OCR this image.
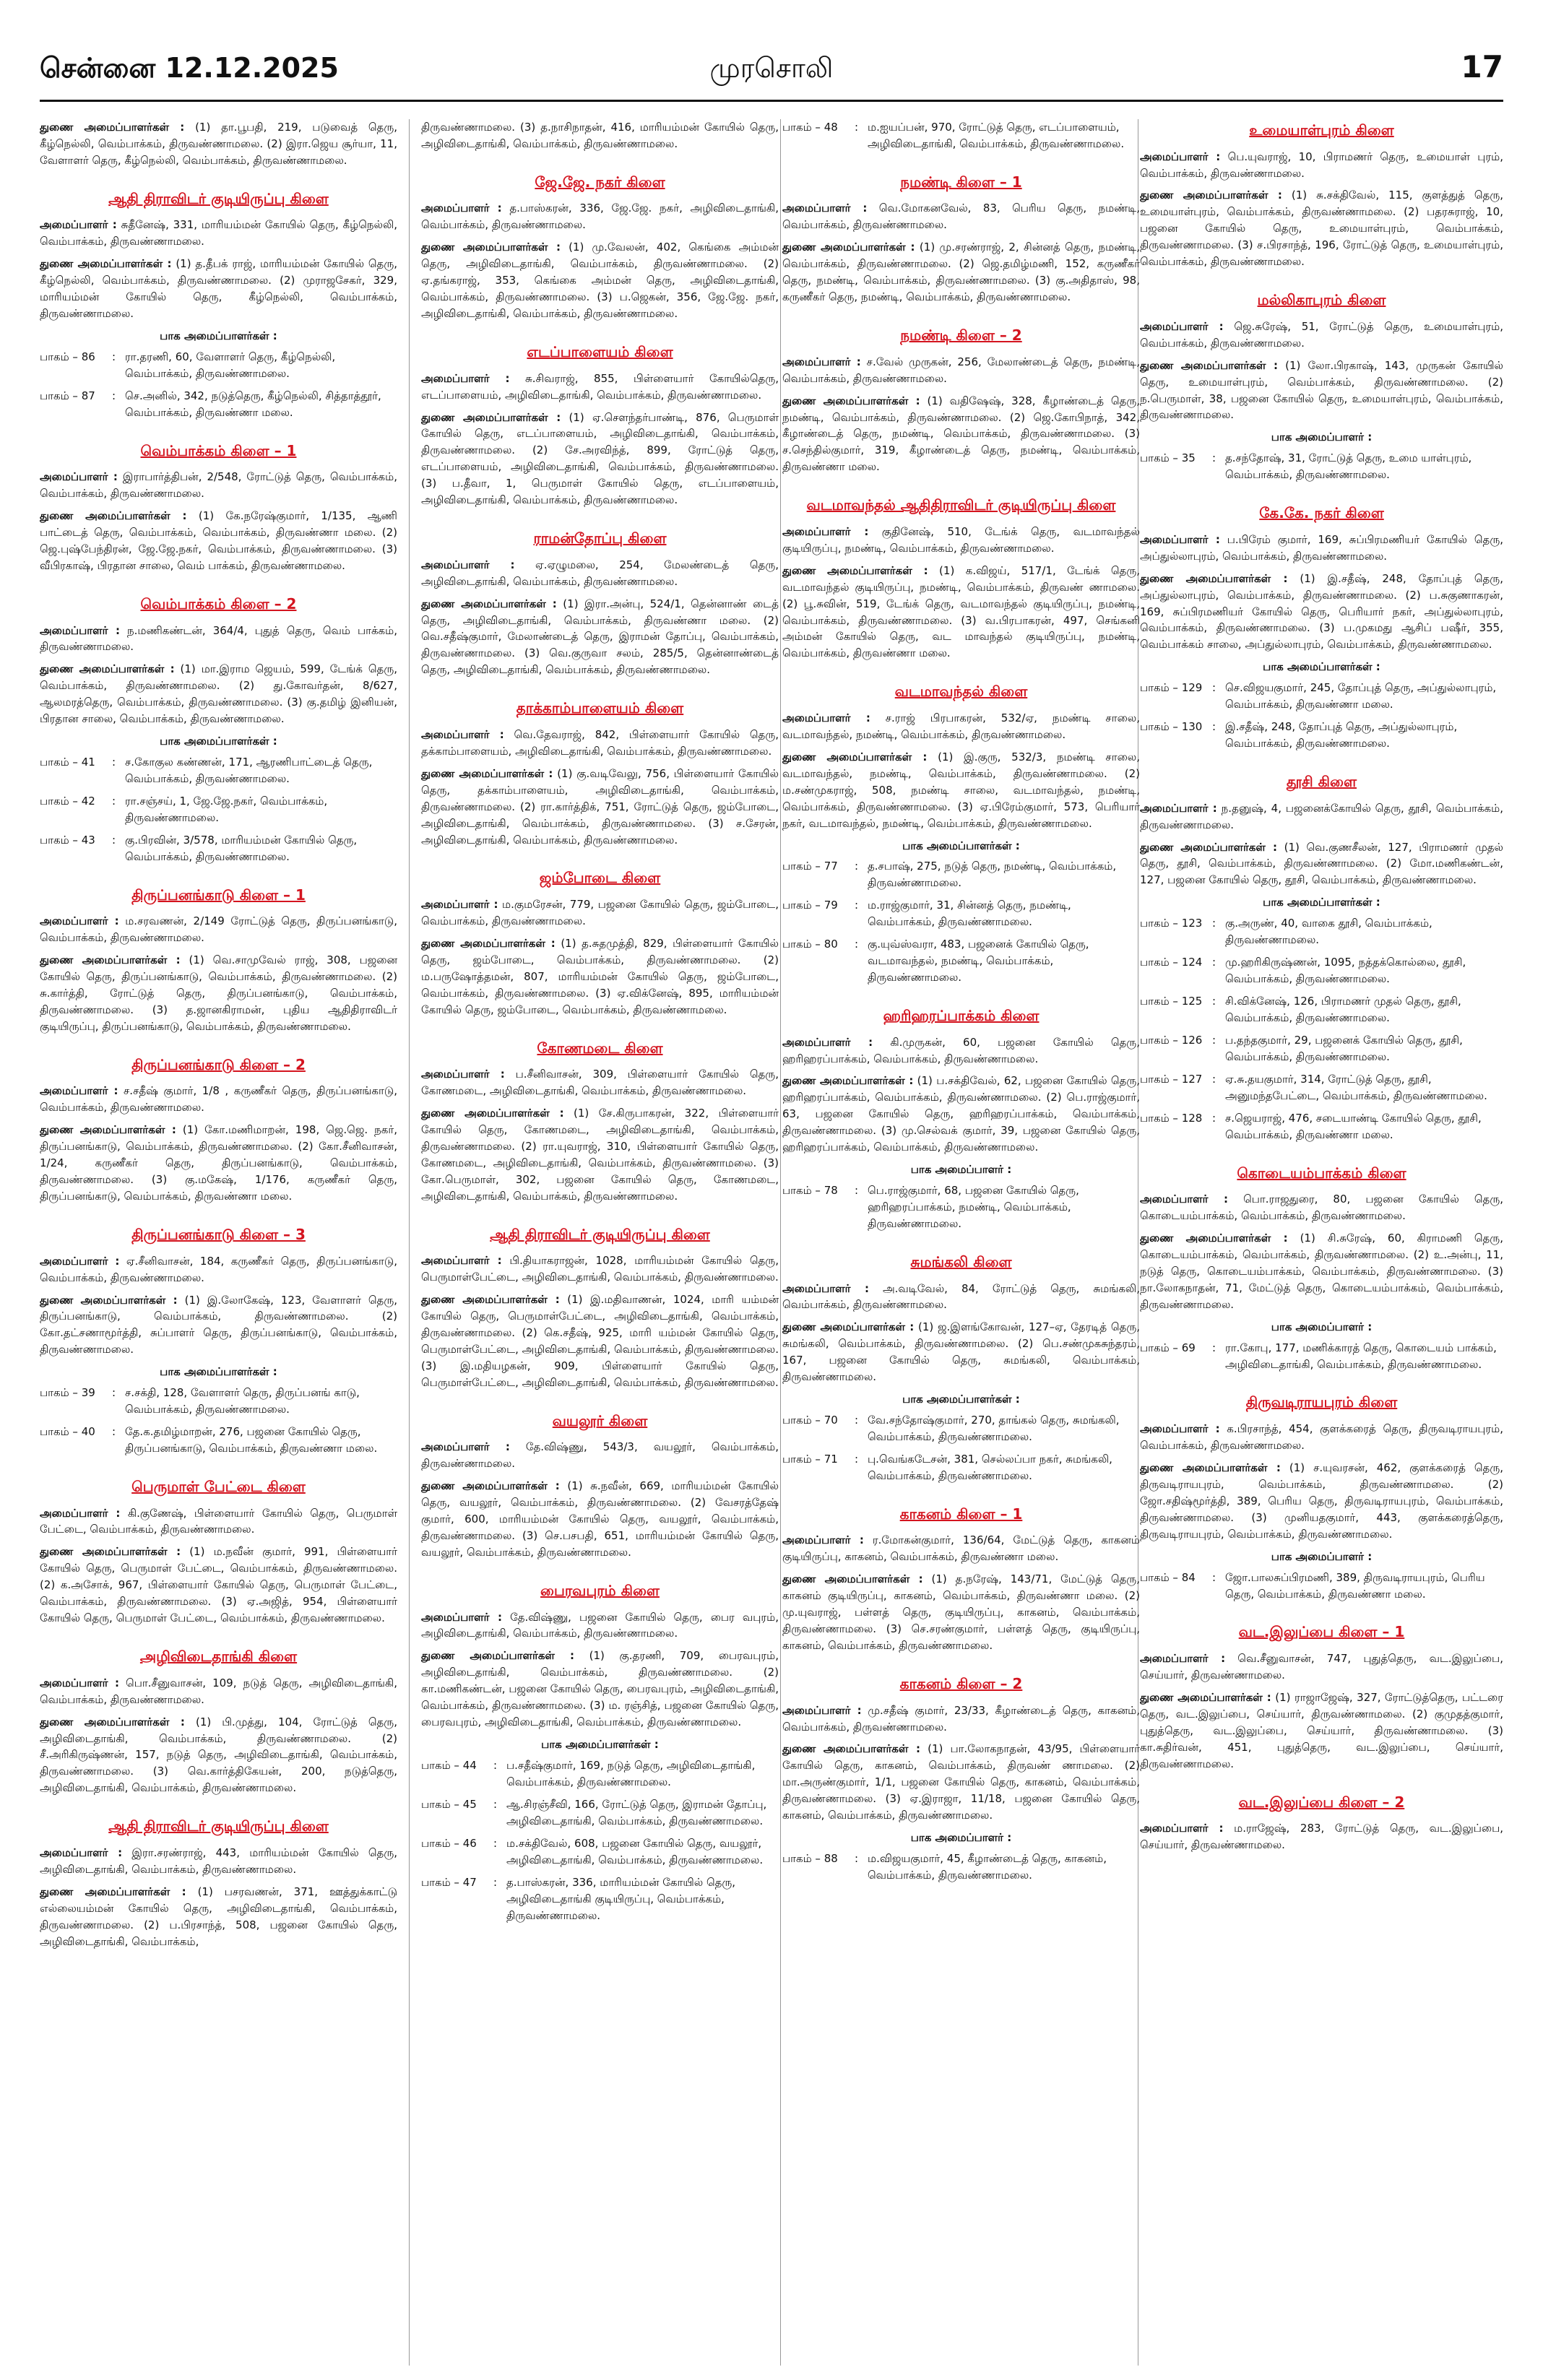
சென்னை 12.12.2025	முரசொலி	17

துணை அமைப்பாளர்கள் : (1) தா.பூபதி, 219, படுவைத் தெரு, கீழ்நெல்லி, வெம்பாக்கம், திருவண்ணாமலை. (2) இரா.ஜெய சூர்யா, 11, வேளாளர் தெரு, கீழ்நெல்லி, வெம்பாக்கம், திருவண்ணாமலை.

ஆதி திராவிடர் குடியிருப்பு கிளை

அமைப்பாளர் : சுதீனேஷ், 331, மாரியம்மன் கோயில் தெரு, கீழ்நெல்லி, வெம்பாக்கம், திருவண்ணாமலை.

துணை அமைப்பாளர்கள் : (1) த.தீபக் ராஜ், மாரியம்மன் கோயில் தெரு, கீழ்நெல்லி, வெம்பாக்கம், திருவண்ணாமலை. (2) முராஜசேகர், 329, மாரியம்மன் கோயில் தெரு, கீழ்நெல்லி, வெம்பாக்கம், திருவண்ணாமலை.

பாக அமைப்பாளர்கள் :
பாகம் – 86	: ரா.தரணி, 60, வேளாளர் தெரு, கீழ்நெல்லி, வெம்பாக்கம், திருவண்ணாமலை.
பாகம் – 87	: செ.அனில், 342, நடுத்தெரு, கீழ்நெல்லி, சித்தாத்தூர், வெம்பாக்கம், திருவண்ணா மலை.
வெம்பாக்கம் கிளை – 1

அமைப்பாளர் : இராபார்த்திபன், 2/548, ரோட்டுத் தெரு, வெம்பாக்கம், வெம்பாக்கம், திருவண்ணாமலை.

துணை அமைப்பாளர்கள் : (1) கே.நரேஷ்குமார், 1/135, ஆணி பாட்டைத் தெரு, வெம்பாக்கம், வெம்பாக்கம், திருவண்ணா மலை. (2) ஜெ.புஷ்பேந்திரன், ஜே.ஜே.நகர், வெம்பாக்கம், திருவண்ணாமலை. (3) வீபிரகாஷ், பிரதான சாலை, வெம் பாக்கம், திருவண்ணாமலை.

வெம்பாக்கம் கிளை – 2

அமைப்பாளர் : ந.மணிகண்டன், 364/4, புதுத் தெரு, வெம் பாக்கம், திருவண்ணாமலை.

துணை அமைப்பாளர்கள் : (1) மா.இராம ஜெயம், 599, டேங்க் தெரு, வெம்பாக்கம், திருவண்ணாமலை. (2) து.கோவர்தன், 8/627, ஆலமரத்தெரு, வெம்பாக்கம், திருவண்ணாமலை. (3) கு.தமிழ் இனியன், பிரதான சாலை, வெம்பாக்கம், திருவண்ணாமலை.

பாக அமைப்பாளர்கள் :
பாகம் – 41	: ச.கோகுல கண்ணன், 171, ஆரணிபாட்டைத் தெரு, வெம்பாக்கம், திருவண்ணாமலை.
பாகம் – 42	: ரா.சஞ்சய், 1, ஜே.ஜே.நகர், வெம்பாக்கம், திருவண்ணாமலை.
பாகம் – 43	: கு.பிரவின், 3/578, மாரியம்மன் கோயில் தெரு, வெம்பாக்கம், திருவண்ணாமலை.
திருப்பனங்காடு கிளை – 1

அமைப்பாளர் : ம.சரவணன், 2/149 ரோட்டுத் தெரு, திருப்பனங்காடு, வெம்பாக்கம், திருவண்ணாமலை.

துணை அமைப்பாளர்கள் : (1) வெ.சாமுவேல் ராஜ், 308, பஜனை கோயில் தெரு, திருப்பனங்காடு, வெம்பாக்கம், திருவண்ணாமலை. (2) சு.கார்த்தி, ரோட்டுத் தெரு, திருப்பனங்காடு, வெம்பாக்கம், திருவண்ணாமலை. (3) த.ஜானகிராமன், புதிய ஆதிதிராவிடர் குடியிருப்பு, திருப்பனங்காடு, வெம்பாக்கம், திருவண்ணாமலை.

திருப்பனங்காடு கிளை – 2

அமைப்பாளர் : ச.சதீஷ் குமார், 1/8 , கருணீகர் தெரு, திருப்பனங்காடு, வெம்பாக்கம், திருவண்ணாமலை.

துணை அமைப்பாளர்கள் : (1) கோ.மணிமாறன், 198, ஜெ.ஜெ. நகர், திருப்பனங்காடு, வெம்பாக்கம், திருவண்ணாமலை. (2) கோ.சீனிவாசன், 1/24, கருணீகர் தெரு, திருப்பனங்காடு, வெம்பாக்கம், திருவண்ணாமலை. (3) கு.மகேஷ், 1/176, கருணீகர் தெரு, திருப்பனங்காடு, வெம்பாக்கம், திருவண்ணா மலை.

திருப்பனங்காடு கிளை – 3

அமைப்பாளர் : ஏ.சீனிவாசன், 184, கருணீகர் தெரு, திருப்பனங்காடு, வெம்பாக்கம், திருவண்ணாமலை.

துணை அமைப்பாளர்கள் : (1) இ.லோகேஷ், 123, வேளாளர் தெரு, திருப்பனங்காடு, வெம்பாக்கம், திருவண்ணாமலை. (2) கோ.தட்சணாமூர்த்தி, சுப்பாளர் தெரு, திருப்பனங்காடு, வெம்பாக்கம், திருவண்ணாமலை.

பாக அமைப்பாளர்கள் :
பாகம் – 39	: ச.சக்தி, 128, வேளாளர் தெரு, திருப்பனங் காடு, வெம்பாக்கம், திருவண்ணாமலை.
பாகம் – 40	: தே.க.தமிழ்மாறன், 276, பஜனை கோயில் தெரு, திருப்பனங்காடு, வெம்பாக்கம், திருவண்ணா மலை.
பெருமாள் பேட்டை கிளை

அமைப்பாளர் : கி.குணேஷ், பிள்ளையார் கோயில் தெரு, பெருமாள் பேட்டை, வெம்பாக்கம், திருவண்ணாமலை.

துணை அமைப்பாளர்கள் : (1) ம.நவீன் குமார், 991, பிள்ளையார் கோயில் தெரு, பெருமாள் பேட்டை, வெம்பாக்கம், திருவண்ணாமலை. (2) க.அசோக், 967, பிள்ளையார் கோயில் தெரு, பெருமாள் பேட்டை, வெம்பாக்கம், திருவண்ணாமலை. (3) ஏ.அஜித், 954, பிள்ளையார் கோயில் தெரு, பெருமாள் பேட்டை, வெம்பாக்கம், திருவண்ணாமலை.

அழிவிடைதாங்கி கிளை

அமைப்பாளர் : பொ.சீனுவாசன், 109, நடுத் தெரு, அழிவிடைதாங்கி, வெம்பாக்கம், திருவண்ணாமலை.

துணை அமைப்பாளர்கள் : (1) பி.முத்து, 104, ரோட்டுத் தெரு, அழிவிடைதாங்கி, வெம்பாக்கம், திருவண்ணாமலை. (2) சீ.அரிகிருஷ்ணன், 157, நடுத் தெரு, அழிவிடைதாங்கி, வெம்பாக்கம், திருவண்ணாமலை. (3) வெ.கார்த்திகேயன், 200, நடுத்தெரு, அழிவிடைதாங்கி, வெம்பாக்கம், திருவண்ணாமலை.

ஆதி திராவிடர் குடியிருப்பு கிளை

அமைப்பாளர் : இரா.சரண்ராஜ், 443, மாரியம்மன் கோயில் தெரு, அழிவிடைதாங்கி, வெம்பாக்கம், திருவண்ணாமலை.

துணை அமைப்பாளர்கள் : (1) பசரவணன், 371, ஊத்துக்காட்டு எல்லையம்மன் கோயில் தெரு, அழிவிடைதாங்கி, வெம்பாக்கம், திருவண்ணாமலை. (2) ப.பிரசாந்த், 508, பஜனை கோயில் தெரு, அழிவிடைதாங்கி, வெம்பாக்கம்,

திருவண்ணாமலை. (3) த.நாசிநாதன், 416, மாரியம்மன் கோயில் தெரு, அழிவிடைதாங்கி, வெம்பாக்கம், திருவண்ணாமலை.

ஜே.ஜே. நகர் கிளை

அமைப்பாளர் : த.பாஸ்கரன், 336, ஜே.ஜே. நகர், அழிவிடைதாங்கி, வெம்பாக்கம், திருவண்ணாமலை.

துணை அமைப்பாளர்கள் : (1) மு.வேலன், 402, கெங்கை அம்மன் தெரு, அழிவிடைதாங்கி, வெம்பாக்கம், திருவண்ணாமலை. (2) ஏ.தங்கராஜ், 353, கெங்கை அம்மன் தெரு, அழிவிடைதாங்கி, வெம்பாக்கம், திருவண்ணாமலை. (3) ப.ஜெகன், 356, ஜே.ஜே. நகர், அழிவிடைதாங்கி, வெம்பாக்கம், திருவண்ணாமலை.

எடப்பாளையம் கிளை

அமைப்பாளர் : சு.சிவராஜ், 855, பிள்ளையார் கோயில்தெரு, எடப்பாளையம், அழிவிடைதாங்கி, வெம்பாக்கம், திருவண்ணாமலை.

துணை அமைப்பாளர்கள் : (1) ஏ.சௌந்தர்பாண்டி, 876, பெருமாள் கோயில் தெரு, எடப்பாளையம், அழிவிடைதாங்கி, வெம்பாக்கம், திருவண்ணாமலை. (2) சே.அரவிந்த், 899, ரோட்டுத் தெரு, எடப்பாளையம், அழிவிடைதாங்கி, வெம்பாக்கம், திருவண்ணாமலை. (3) ப.தீவா, 1, பெருமாள் கோயில் தெரு, எடப்பாளையம், அழிவிடைதாங்கி, வெம்பாக்கம், திருவண்ணாமலை.

ராமன்தோப்பு கிளை

அமைப்பாளர் : ஏ.ஏழுமலை, 254, மேலண்டைத் தெரு, அழிவிடைதாங்கி, வெம்பாக்கம், திருவண்ணாமலை.

துணை அமைப்பாளர்கள் : (1) இரா.அன்பு, 524/1, தென்னாண் டைத் தெரு, அழிவிடைதாங்கி, வெம்பாக்கம், திருவண்ணா மலை. (2) வெ.சதீஷ்குமார், மேலாண்டைத் தெரு, இராமன் தோப்பு, வெம்பாக்கம், திருவண்ணாமலை. (3) வெ.குருவா சலம், 285/5, தென்னாண்டைத் தெரு, அழிவிடைதாங்கி, வெம்பாக்கம், திருவண்ணாமலை.

தாக்காம்பாளையம் கிளை

அமைப்பாளர் : வெ.தேவராஜ், 842, பிள்ளையார் கோயில் தெரு, தக்காம்பாளையம், அழிவிடைதாங்கி, வெம்பாக்கம், திருவண்ணாமலை.

துணை அமைப்பாளர்கள் : (1) கு.வடிவேலு, 756, பிள்ளையார் கோயில் தெரு, தக்காம்பாளையம், அழிவிடைதாங்கி, வெம்பாக்கம், திருவண்ணாமலை. (2) ரா.கார்த்திக், 751, ரோட்டுத் தெரு, ஜம்போடை, அழிவிடைதாங்கி, வெம்பாக்கம், திருவண்ணாமலை. (3) ச.சேரன், அழிவிடைதாங்கி, வெம்பாக்கம், திருவண்ணாமலை.

ஜம்போடை கிளை

அமைப்பாளர் : ம.குமரேசன், 779, பஜனை கோயில் தெரு, ஜம்போடை, வெம்பாக்கம், திருவண்ணாமலை.

துணை அமைப்பாளர்கள் : (1) த.சுதமுத்தி, 829, பிள்ளையார் கோயில் தெரு, ஜம்போடை, வெம்பாக்கம், திருவண்ணாமலை. (2) ம.பருஷோத்தமன், 807, மாரியம்மன் கோயில் தெரு, ஜம்போடை, வெம்பாக்கம், திருவண்ணாமலை. (3) ஏ.விக்னேஷ், 895, மாரியம்மன் கோயில் தெரு, ஜம்போடை, வெம்பாக்கம், திருவண்ணாமலை.

கோணமடை கிளை

அமைப்பாளர் : ப.சீனிவாசன், 309, பிள்ளையார் கோயில் தெரு, கோணமடை, அழிவிடைதாங்கி, வெம்பாக்கம், திருவண்ணாமலை.

துணை அமைப்பாளர்கள் : (1) சே.கிருபாகரன், 322, பிள்ளையார் கோயில் தெரு, கோணமடை, அழிவிடைதாங்கி, வெம்பாக்கம், திருவண்ணாமலை. (2) ரா.யுவராஜ், 310, பிள்ளையார் கோயில் தெரு, கோணமடை, அழிவிடைதாங்கி, வெம்பாக்கம், திருவண்ணாமலை. (3) கோ.பெருமாள், 302, பஜனை கோயில் தெரு, கோணமடை, அழிவிடைதாங்கி, வெம்பாக்கம், திருவண்ணாமலை.

ஆதி திராவிடர் குடியிருப்பு கிளை

அமைப்பாளர் : பி.தியாகராஜன், 1028, மாரியம்மன் கோயில் தெரு, பெருமாள்பேட்டை, அழிவிடைதாங்கி, வெம்பாக்கம், திருவண்ணாமலை.

துணை அமைப்பாளர்கள் : (1) இ.மதிவாணன், 1024, மாரி யம்மன் கோயில் தெரு, பெருமாள்பேட்டை, அழிவிடைதாங்கி, வெம்பாக்கம், திருவண்ணாமலை. (2) கெ.சதீஷ், 925, மாரி யம்மன் கோயில் தெரு, பெருமாள்பேட்டை, அழிவிடைதாங்கி, வெம்பாக்கம், திருவண்ணாமலை. (3) இ.மதியழகன், 909, பிள்ளையார் கோயில் தெரு, பெருமாள்பேட்டை, அழிவிடைதாங்கி, வெம்பாக்கம், திருவண்ணாமலை.

வயலூர் கிளை

அமைப்பாளர் : தே.விஷ்ணு, 543/3, வயலூர், வெம்பாக்கம், திருவண்ணாமலை.

துணை அமைப்பாளர்கள் : (1) சு.நவீன், 669, மாரியம்மன் கோயில் தெரு, வயலூர், வெம்பாக்கம், திருவண்ணாமலை. (2) வேசரத்தேஷ் குமார், 600, மாரியம்மன் கோயில் தெரு, வயலூர், வெம்பாக்கம், திருவண்ணாமலை. (3) செ.பசபதி, 651, மாரியம்மன் கோயில் தெரு, வயலூர், வெம்பாக்கம், திருவண்ணாமலை.

பைரவபுரம் கிளை

அமைப்பாளர் : தே.விஷ்ணு, பஜனை கோயில் தெரு, பைர வபுரம், அழிவிடைதாங்கி, வெம்பாக்கம், திருவண்ணாமலை.

துணை அமைப்பாளர்கள் : (1) கு.தரணி, 709, பைரவபுரம், அழிவிடைதாங்கி, வெம்பாக்கம், திருவண்ணாமலை. (2) கா.மணிகண்டன், பஜனை கோயில் தெரு, பைரவபுரம், அழிவிடைதாங்கி, வெம்பாக்கம், திருவண்ணாமலை. (3) ம. ரஞ்சித், பஜனை கோயில் தெரு, பைரவபுரம், அழிவிடைதாங்கி, வெம்பாக்கம், திருவண்ணாமலை.

பாக அமைப்பாளர்கள் :
பாகம் – 44	: ப.சதீஷ்குமார், 169, நடுத் தெரு, அழிவிடைதாங்கி, வெம்பாக்கம், திருவண்ணாமலை.
பாகம் – 45	: ஆ.சிரஞ்சீவி, 166, ரோட்டுத் தெரு, இராமன் தோப்பு, அழிவிடைதாங்கி, வெம்பாக்கம், திருவண்ணாமலை.
பாகம் – 46	: ம.சக்திவேல், 608, பஜனை கோயில் தெரு, வயலூர், அழிவிடைதாங்கி, வெம்பாக்கம், திருவண்ணாமலை.
பாகம் – 47	: த.பாஸ்கரன், 336, மாரியம்மன் கோயில் தெரு, அழிவிடைதாங்கி குடியிருப்பு, வெம்பாக்கம், திருவண்ணாமலை.
பாகம் – 48	: ம.ஐயப்பன், 970, ரோட்டுத் தெரு, எடப்பாளையம், அழிவிடைதாங்கி, வெம்பாக்கம், திருவண்ணாமலை.
நமண்டி கிளை – 1

அமைப்பாளர் : வெ.மோகனவேல், 83, பெரிய தெரு, நமண்டி, வெம்பாக்கம், திருவண்ணாமலை.

துணை அமைப்பாளர்கள் : (1) மு.சரண்ராஜ், 2, சின்னத் தெரு, நமண்டி, வெம்பாக்கம், திருவண்ணாமலை. (2) ஜெ.தமிழ்மணி, 152, கருணீகர் தெரு, நமண்டி, வெம்பாக்கம், திருவண்ணாமலை. (3) கு.அதிதாஸ், 98, கருணீகர் தெரு, நமண்டி, வெம்பாக்கம், திருவண்ணாமலை.

நமண்டி கிளை – 2

அமைப்பாளர் : ச.வேல் முருகன், 256, மேலாண்டைத் தெரு, நமண்டி, வெம்பாக்கம், திருவண்ணாமலை.

துணை அமைப்பாளர்கள் : (1) வதிஷேஷ், 328, கீழாண்டைத் தெரு, நமண்டி, வெம்பாக்கம், திருவண்ணாமலை. (2) ஜெ.கோபிநாத், 342, கீழாண்டைத் தெரு, நமண்டி, வெம்பாக்கம், திருவண்ணாமலை. (3) ச.செந்தில்குமார், 319, கீழாண்டைத் தெரு, நமண்டி, வெம்பாக்கம், திருவண்ணா மலை.

வடமாவந்தல் ஆதிதிராவிடர் குடியிருப்பு கிளை

அமைப்பாளர் : குதினேஷ், 510, டேங்க் தெரு, வடமாவந்தல் குடியிருப்பு, நமண்டி, வெம்பாக்கம், திருவண்ணாமலை.

துணை அமைப்பாளர்கள் : (1) க.விஜய், 517/1, டேங்க் தெரு, வடமாவந்தல் குடியிருப்பு, நமண்டி, வெம்பாக்கம், திருவண் ணாமலை. (2) பூ.சுவின், 519, டேங்க் தெரு, வடமாவந்தல் குடியிருப்பு, நமண்டி, வெம்பாக்கம், திருவண்ணாமலை. (3) வ.பிரபாகரன், 497, செங்கனி அம்மன் கோயில் தெரு, வட மாவந்தல் குடியிருப்பு, நமண்டி, வெம்பாக்கம், திருவண்ணா மலை.

வடமாவந்தல் கிளை

அமைப்பாளர் : ச.ராஜ் பிரபாகரன், 532/ஏ, நமண்டி சாலை, வடமாவந்தல், நமண்டி, வெம்பாக்கம், திருவண்ணாமலை.

துணை அமைப்பாளர்கள் : (1) இ.குரு, 532/3, நமண்டி சாலை, வடமாவந்தல், நமண்டி, வெம்பாக்கம், திருவண்ணாமலை. (2) ம.சண்முகராஜ், 508, நமண்டி சாலை, வடமாவந்தல், நமண்டி, வெம்பாக்கம், திருவண்ணாமலை. (3) ஏ.பிரேம்குமார், 573, பெரியார் நகர், வடமாவந்தல், நமண்டி, வெம்பாக்கம், திருவண்ணாமலை.

பாக அமைப்பாளர்கள் :
பாகம் – 77	: த.சபாஷ், 275, நடுத் தெரு, நமண்டி, வெம்பாக்கம், திருவண்ணாமலை.
பாகம் – 79	: ம.ராஜ்குமார், 31, சின்னத் தெரு, நமண்டி, வெம்பாக்கம், திருவண்ணாமலை.
பாகம் – 80	: கு.யுவ்ஸ்வரா, 483, பஜனைக் கோயில் தெரு, வடமாவந்தல், நமண்டி, வெம்பாக்கம், திருவண்ணாமலை.
ஹரிஹரப்பாக்கம் கிளை

அமைப்பாளர் : கி.முருகன், 60, பஜனை கோயில் தெரு, ஹரிஹரப்பாக்கம், வெம்பாக்கம், திருவண்ணாமலை.

துணை அமைப்பாளர்கள் : (1) ப.சக்திவேல், 62, பஜனை கோயில் தெரு, ஹரிஹரப்பாக்கம், வெம்பாக்கம், திருவண்ணாமலை. (2) பெ.ராஜ்குமார், 63, பஜனை கோயில் தெரு, ஹரிஹரப்பாக்கம், வெம்பாக்கம், திருவண்ணாமலை. (3) மு.செல்வக் குமார், 39, பஜனை கோயில் தெரு, ஹரிஹரப்பாக்கம், வெம்பாக்கம், திருவண்ணாமலை.

பாக அமைப்பாளர் :
பாகம் – 78	: பெ.ராஜ்குமார், 68, பஜனை கோயில் தெரு, ஹரிஹரப்பாக்கம், நமண்டி, வெம்பாக்கம், திருவண்ணாமலை.
சுமங்கலி கிளை

அமைப்பாளர் : அ.வடிவேல், 84, ரோட்டுத் தெரு, சுமங்கலி, வெம்பாக்கம், திருவண்ணாமலை.

துணை அமைப்பாளர்கள் : (1) ஜ.இளங்கோவன், 127–ஏ, தேரடித் தெரு, சுமங்கலி, வெம்பாக்கம், திருவண்ணாமலை. (2) பெ.சண்முகசுந்தரம், 167, பஜனை கோயில் தெரு, சுமங்கலி, வெம்பாக்கம், திருவண்ணாமலை.

பாக அமைப்பாளர்கள் :
பாகம் – 70	: வே.சந்தோஷ்குமார், 270, தாங்கல் தெரு, சுமங்கலி, வெம்பாக்கம், திருவண்ணாமலை.
பாகம் – 71	: பு.வெங்கடேசன், 381, செல்லப்பா நகர், சுமங்கலி, வெம்பாக்கம், திருவண்ணாமலை.
காகனம் கிளை – 1

அமைப்பாளர் : ர.மோகன்குமார், 136/64, மேட்டுத் தெரு, காகனம் குடியிருப்பு, காகனம், வெம்பாக்கம், திருவண்ணா மலை.

துணை அமைப்பாளர்கள் : (1) த.நரேஷ், 143/71, மேட்டுத் தெரு, காகனம் குடியிருப்பு, காகனம், வெம்பாக்கம், திருவண்ணா மலை. (2) மு.யுவராஜ், பள்ளத் தெரு, குடியிருப்பு, காகனம், வெம்பாக்கம், திருவண்ணாமலை. (3) செ.சரண்குமார், பள்ளத் தெரு, குடியிருப்பு, காகனம், வெம்பாக்கம், திருவண்ணாமலை.

காகனம் கிளை – 2

அமைப்பாளர் : மு.சதீஷ் குமார், 23/33, கீழாண்டைத் தெரு, காகனம், வெம்பாக்கம், திருவண்ணாமலை.

துணை அமைப்பாளர்கள் : (1) பா.லோகநாதன், 43/95, பிள்ளையார் கோயில் தெரு, காகனம், வெம்பாக்கம், திருவண் ணாமலை. (2) மா.அருண்குமார், 1/1, பஜனை கோயில் தெரு, காகனம், வெம்பாக்கம், திருவண்ணாமலை. (3) ஏ.இராஜா, 11/18, பஜனை கோயில் தெரு, காகனம், வெம்பாக்கம், திருவண்ணாமலை.

பாக அமைப்பாளர் :
பாகம் – 88	: ம.விஜயகுமார், 45, கீழாண்டைத் தெரு, காகனம், வெம்பாக்கம், திருவண்ணாமலை.
உமையாள்புரம் கிளை

அமைப்பாளர் : பெ.யுவராஜ், 10, பிராமணர் தெரு, உமையாள் புரம், வெம்பாக்கம், திருவண்ணாமலை.

துணை அமைப்பாளர்கள் : (1) சு.சக்திவேல், 115, குளத்துத் தெரு, உமையாள்புரம், வெம்பாக்கம், திருவண்ணாமலை. (2) பதரசுராஜ், 10, பஜனை கோயில் தெரு, உமையாள்புரம், வெம்பாக்கம், திருவண்ணாமலை. (3) ச.பிரசாந்த், 196, ரோட்டுத் தெரு, உமையாள்புரம், வெம்பாக்கம், திருவண்ணாமலை.

மல்லிகாபுரம் கிளை

அமைப்பாளர் : ஜெ.சுரேஷ், 51, ரோட்டுத் தெரு, உமையாள்புரம், வெம்பாக்கம், திருவண்ணாமலை.

துணை அமைப்பாளர்கள் : (1) லோ.பிரகாஷ், 143, முருகன் கோயில் தெரு, உமையாள்புரம், வெம்பாக்கம், திருவண்ணாமலை. (2) ந.பெருமாள், 38, பஜனை கோயில் தெரு, உமையாள்புரம், வெம்பாக்கம், திருவண்ணாமலை.

பாக அமைப்பாளர் :
பாகம் – 35	: த.சந்தோஷ், 31, ரோட்டுத் தெரு, உமை யாள்புரம், வெம்பாக்கம், திருவண்ணாமலை.
கே.கே. நகர் கிளை

அமைப்பாளர் : ப.பிரேம் குமார், 169, சுப்பிரமணியர் கோயில் தெரு, அப்துல்லாபுரம், வெம்பாக்கம், திருவண்ணாமலை.

துணை அமைப்பாளர்கள் : (1) இ.சதீஷ், 248, தோப்புத் தெரு, அப்துல்லாபுரம், வெம்பாக்கம், திருவண்ணாமலை. (2) ப.சுகுணாகரன், 169, சுப்பிரமணியர் கோயில் தெரு, பெரியார் நகர், அப்துல்லாபுரம், வெம்பாக்கம், திருவண்ணாமலை. (3) ப.முகமது ஆசிப் பஷீர், 355, வெம்பாக்கம் சாலை, அப்துல்லாபுரம், வெம்பாக்கம், திருவண்ணாமலை.

பாக அமைப்பாளர்கள் :
பாகம் – 129 : செ.விஜயகுமார், 245, தோப்புத் தெரு, அப்துல்லாபுரம், வெம்பாக்கம், திருவண்ணா மலை.
பாகம் – 130 : இ.சதீஷ், 248, தோப்புத் தெரு, அப்துல்லாபுரம், வெம்பாக்கம், திருவண்ணாமலை.
தூசி கிளை

அமைப்பாளர் : ந.தனுஷ், 4, பஜனைக்கோயில் தெரு, தூசி, வெம்பாக்கம், திருவண்ணாமலை.

துணை அமைப்பாளர்கள் : (1) வெ.குணசீலன், 127, பிராமணர் முதல் தெரு, தூசி, வெம்பாக்கம், திருவண்ணாமலை. (2) மோ.மணிகண்டன், 127, பஜனை கோயில் தெரு, தூசி, வெம்பாக்கம், திருவண்ணாமலை.

பாக அமைப்பாளர்கள் :
பாகம் – 123 : கு.அருண், 40, வாகை தூசி, வெம்பாக்கம், திருவண்ணாமலை.
பாகம் – 124 : மு.ஹரிகிருஷ்ணன், 1095, நத்தக்கொல்லை, தூசி, வெம்பாக்கம், திருவண்ணாமலை.
பாகம் – 125 : சி.விக்னேஷ், 126, பிராமணர் முதல் தெரு, தூசி, வெம்பாக்கம், திருவண்ணாமலை.
பாகம் – 126 : ப.தந்தகுமார், 29, பஜனைக் கோயில் தெரு, தூசி, வெம்பாக்கம், திருவண்ணாமலை.
பாகம் – 127 : ஏ.சு.தயகுமார், 314, ரோட்டுத் தெரு, தூசி, அனுமந்தபேட்டை, வெம்பாக்கம், திருவண்ணாமலை.
பாகம் – 128 : ச.ஜெயராஜ், 476, சடையாண்டி கோயில் தெரு, தூசி, வெம்பாக்கம், திருவண்ணா மலை.
கொடையம்பாக்கம் கிளை

அமைப்பாளர் : பொ.ராஜதுரை, 80, பஜனை கோயில் தெரு, கொடையம்பாக்கம், வெம்பாக்கம், திருவண்ணாமலை.

துணை அமைப்பாளர்கள் : (1) சி.சுரேஷ், 60, கிராமணி தெரு, கொடையம்பாக்கம், வெம்பாக்கம், திருவண்ணாமலை. (2) உ.அன்பு, 11, நடுத் தெரு, கொடையம்பாக்கம், வெம்பாக்கம், திருவண்ணாமலை. (3) நா.லோகநாதன், 71, மேட்டுத் தெரு, கொடையம்பாக்கம், வெம்பாக்கம், திருவண்ணாமலை.

பாக அமைப்பாளர் :
பாகம் – 69	: ரா.கோபு, 177, மணிக்காரத் தெரு, கொடையம் பாக்கம், அழிவிடைதாங்கி, வெம்பாக்கம், திருவண்ணாமலை.
திருவடிராயபுரம் கிளை

அமைப்பாளர் : க.பிரசாந்த், 454, குளக்கரைத் தெரு, திருவடிராயபுரம், வெம்பாக்கம், திருவண்ணாமலை.

துணை அமைப்பாளர்கள் : (1) ச.யுவரசன், 462, குளக்கரைத் தெரு, திருவடிராயபுரம், வெம்பாக்கம், திருவண்ணாமலை. (2) ஜோ.சதிஷ்மூர்த்தி, 389, பெரிய தெரு, திருவடிராயபுரம், வெம்பாக்கம், திருவண்ணாமலை. (3) முனியதகுமார், 443, குளக்கரைத்தெரு, திருவடிராயபுரம், வெம்பாக்கம், திருவண்ணாமலை.

பாக அமைப்பாளர் :
பாகம் – 84	: ஜோ.பாலசுப்பிரமணி, 389, திருவடிராயபுரம், பெரிய தெரு, வெம்பாக்கம், திருவண்ணா மலை.
வட.இலுப்பை கிளை – 1

அமைப்பாளர் : வெ.சீனுவாசன், 747, புதுத்தெரு, வட.இலுப்பை, செய்யார், திருவண்ணாமலை.

துணை அமைப்பாளர்கள் : (1) ராஜாஜேஷ், 327, ரோட்டுத்தெரு, பட்டரை தெரு, வட.இலுப்பை, செய்யார், திருவண்ணாமலை. (2) குமுதத்குமார், புதுத்தெரு, வட.இலுப்பை, செய்யார், திருவண்ணாமலை. (3) கா.சுதிர்வன், 451, புதுத்தெரு, வட.இலுப்பை, செய்யார், திருவண்ணாமலை.

வட.இலுப்பை கிளை – 2

அமைப்பாளர் : ம.ராஜேஷ், 283, ரோட்டுத் தெரு, வட.இலுப்பை, செய்யார், திருவண்ணாமலை.
